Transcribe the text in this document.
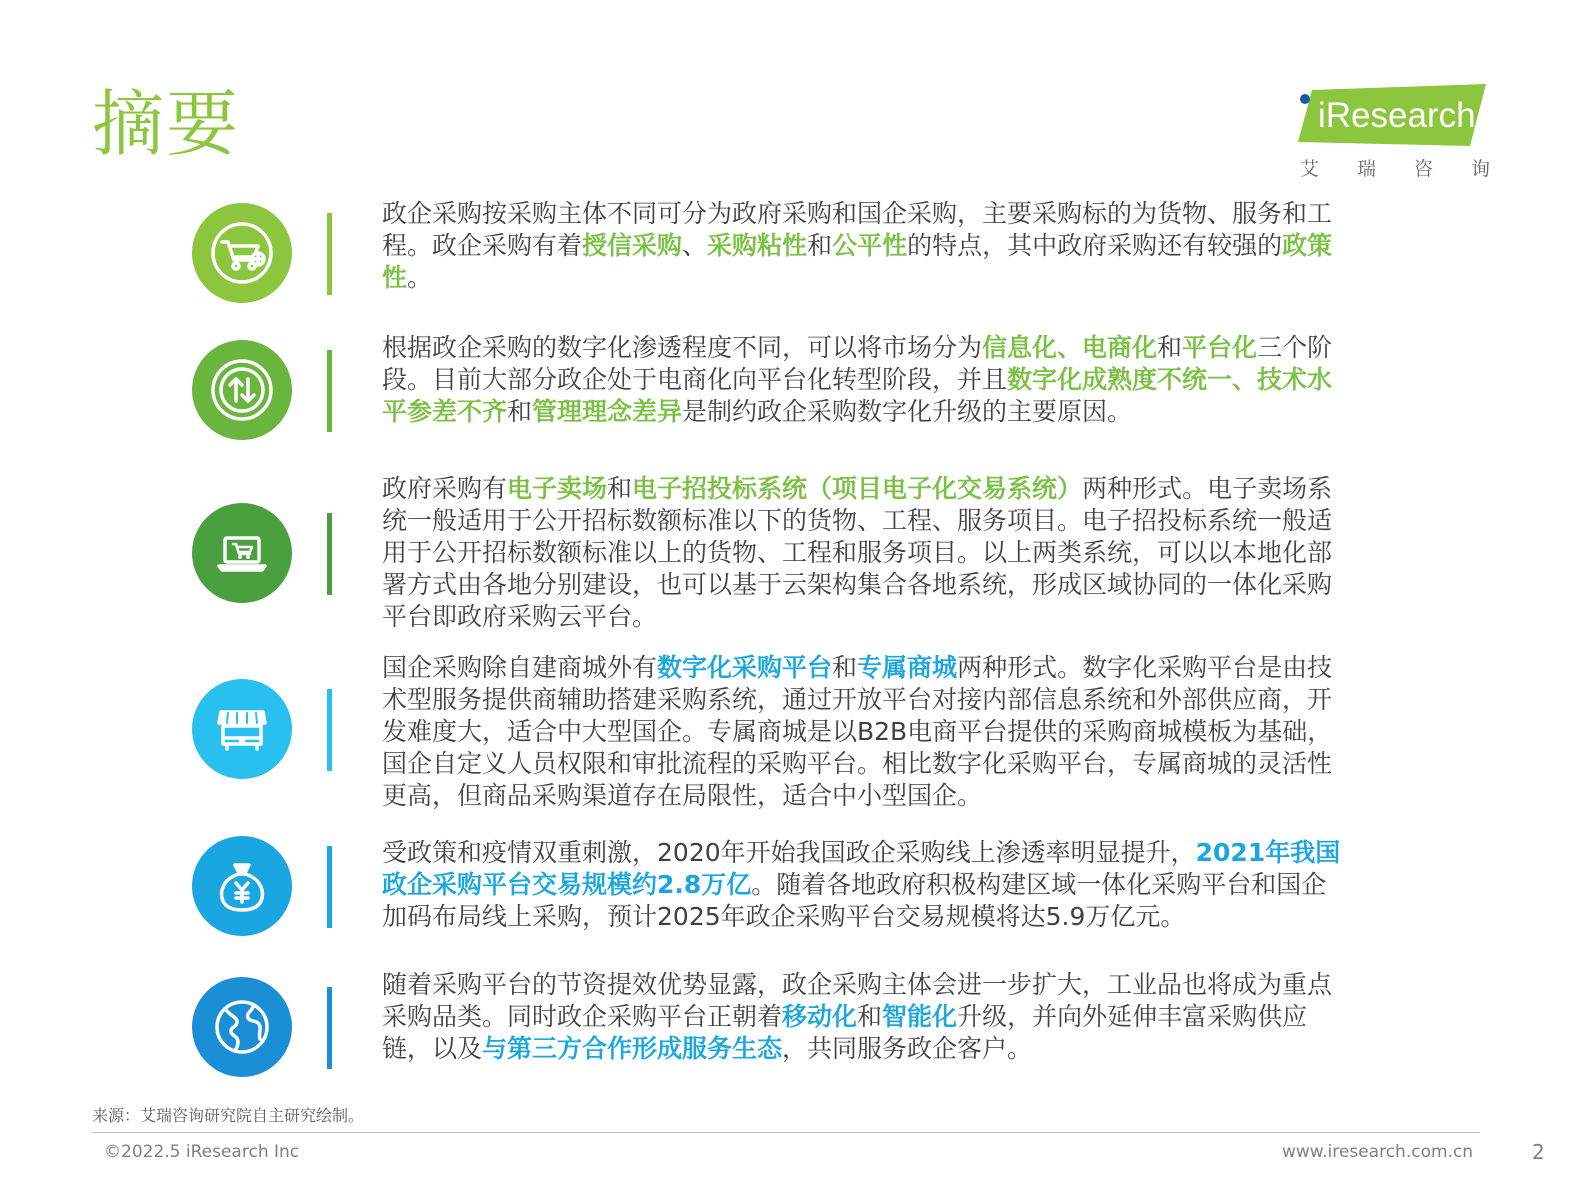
摘要	iResearch
艾瑞咨询
政企采购按采购主体不同可分为政府采购和国企采购，主要采购标的为货物、服务和工程。政企采购有着授信采购、采购粘性和公平性的特点，其中政府采购还有较强的政策性。
根据政企采购的数字化渗透程度不同，可以将市场分为信息化、电商化和平台化三个阶段。目前大部分政企处于电商化向平台化转型阶段，并且数字化成熟度不统一、技术水平参差不齐和管理理念差异是制约政企采购数字化升级的主要原因。
政府采购有电子卖场和电子招投标系统（项目电子化交易系统）两种形式。电子卖场系统一般适用于公开招标数额标准以下的货物、工程、服务项目。电子招投标系统一般适用于公开招标数额标准以上的货物、工程和服务项目。以上两类系统，可以以本地化部署方式由各地分别建设，也可以基于云架构集合各地系统，形成区域协同的一体化采购平台即政府采购云平台。
国企采购除自建商城外有数字化采购平台和专属商城两种形式。数字化采购平台是由技术型服务提供商辅助搭建采购系统，通过开放平台对接内部信息系统和外部供应商，开发难度大，适合中大型国企。专属商城是以B2B电商平台提供的采购商城模板为基础，国企自定义人员权限和审批流程的采购平台。相比数字化采购平台，专属商城的灵活性更高，但商品采购渠道存在局限性，适合中小型国企。
受政策和疫情双重刺激，2020年开始我国政企采购线上渗透率明显提升，2021年我国政企采购平台交易规模约2.8万亿。随着各地政府积极构建区域一体化采购平台和国企加码布局线上采购，预计2025年政企采购平台交易规模将达5.9万亿元。
随着采购平台的节资提效优势显露，政企采购主体会进一步扩大，工业品也将成为重点采购品类。同时政企采购平台正朝着移动化和智能化升级，并向外延伸丰富采购供应链，以及与第三方合作形成服务生态，共同服务政企客户。
来源：艾瑞咨询研究院自主研究绘制。
©2022.5 iResearch Inc	www.iresearch.com.cn	2
